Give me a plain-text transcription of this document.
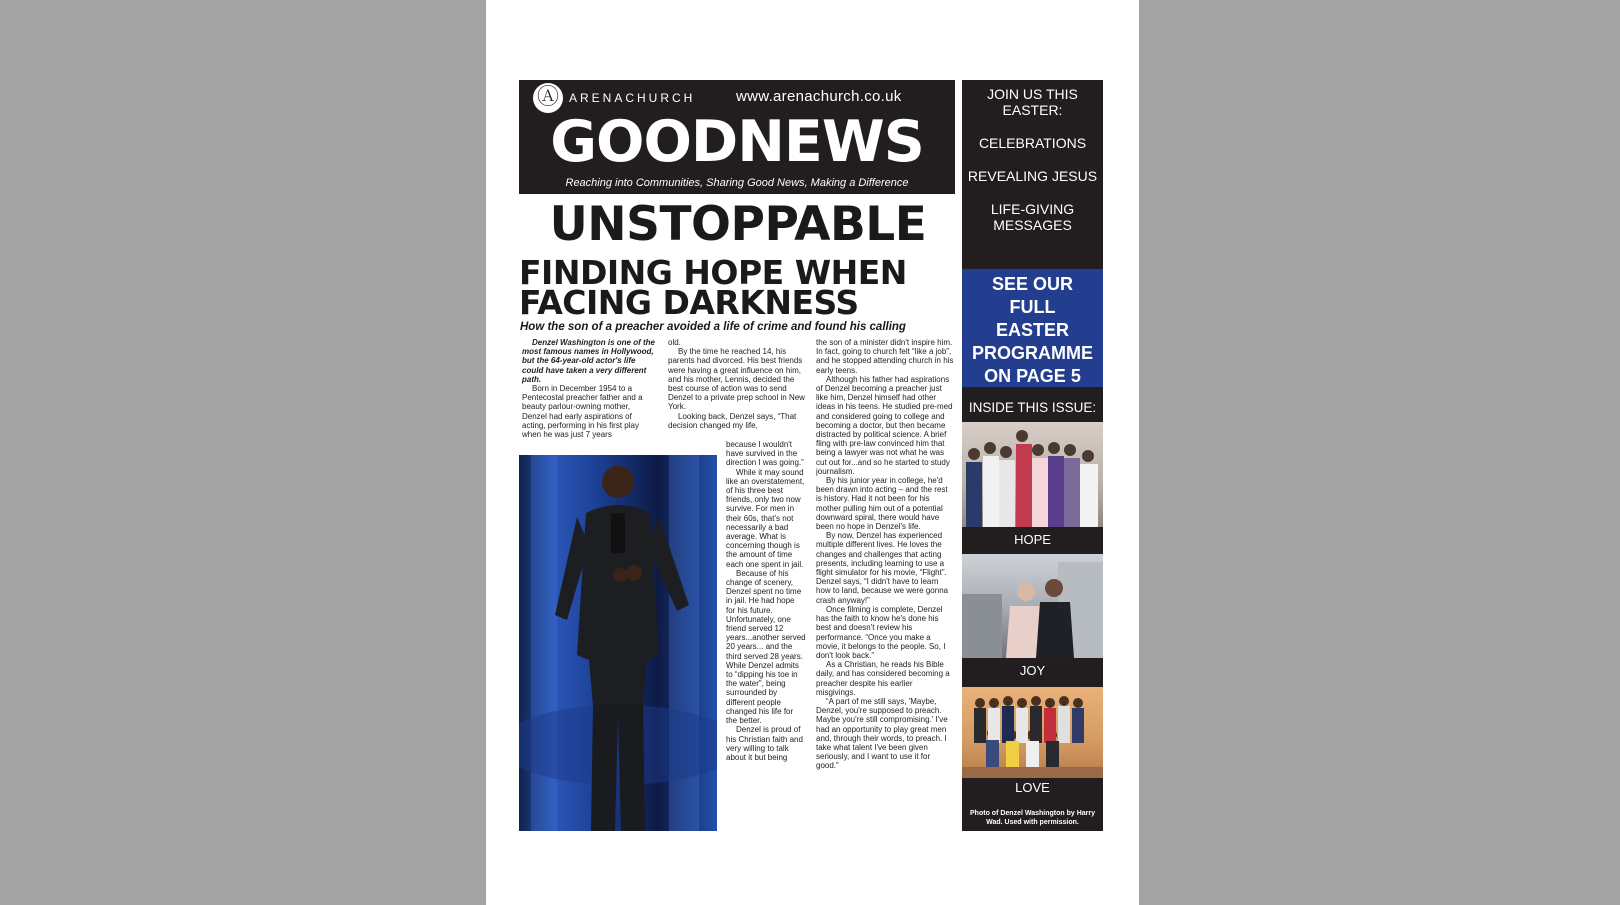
Ⓐ ARENACHURCH	www.arenachurch.co.uk
GOODNEWS
Reaching into Communities, Sharing Good News, Making a Difference
UNSTOPPABLE
FINDING HOPE WHEN
FACING DARKNESS
How the son of a preacher avoided a life of crime and found his calling

Denzel Washington is one of the most famous names in Hollywood, but the 64-year-old actor's life could have taken a very different path.

Born in December 1954 to a Pentecostal preacher father and a beauty parlour-owning mother, Denzel had early aspirations of acting, performing in his first play when he was just 7 years

old.

By the time he reached 14, his parents had divorced. His best friends were having a great influence on him, and his mother, Lennis, decided the best course of action was to send Denzel to a private prep school in New York.

Looking back, Denzel says, “That decision changed my life,

because I wouldn't have survived in the direction I was going.”

While it may sound like an overstatement, of his three best friends, only two now survive. For men in their 60s, that's not necessarily a bad average. What is concerning though is the amount of time each one spent in jail.

Because of his change of scenery, Denzel spent no time in jail. He had hope for his future. Unfortunately, one friend served 12 years...another served 20 years... and the third served 28 years. While Denzel admits to “dipping his toe in the water”, being surrounded by different people changed his life for the better.

Denzel is proud of his Christian faith and very willing to talk about it but being

the son of a minister didn't inspire him. In fact, going to church felt “like a job”, and he stopped attending church in his early teens.

Although his father had aspirations of Denzel becoming a preacher just like him, Denzel himself had other ideas in his teens. He studied pre-med and considered going to college and becoming a doctor, but then became distracted by political science. A brief fling with pre-law convinced him that being a lawyer was not what he was cut out for...and so he started to study journalism.

By his junior year in college, he'd been drawn into acting – and the rest is history. Had it not been for his mother pulling him out of a potential downward spiral, there would have been no hope in Denzel's life.

By now, Denzel has experienced multiple different lives. He loves the changes and challenges that acting presents, including learning to use a flight simulator for his movie, “Flight”. Denzel says, “I didn't have to learn how to land, because we were gonna crash anyway!”

Once filming is complete, Denzel has the faith to know he's done his best and doesn't review his performance. “Once you make a movie, it belongs to the people. So, I don't look back.”

As a Christian, he reads his Bible daily, and has considered becoming a preacher despite his earlier misgivings.

“A part of me still says, 'Maybe, Denzel, you're supposed to preach. Maybe you're still compromising.' I've had an opportunity to play great men and, through their words, to preach. I take what talent I've been given seriously, and I want to use it for good.”

JOIN US THIS
EASTER:
CELEBRATIONS
REVEALING JESUS
LIFE-GIVING
MESSAGES
SEE OUR
FULL
EASTER
PROGRAMME
ON PAGE 5
INSIDE THIS ISSUE:
HOPE
JOY
LOVE
Photo of Denzel Washington by Harry Wad. Used with permission.
